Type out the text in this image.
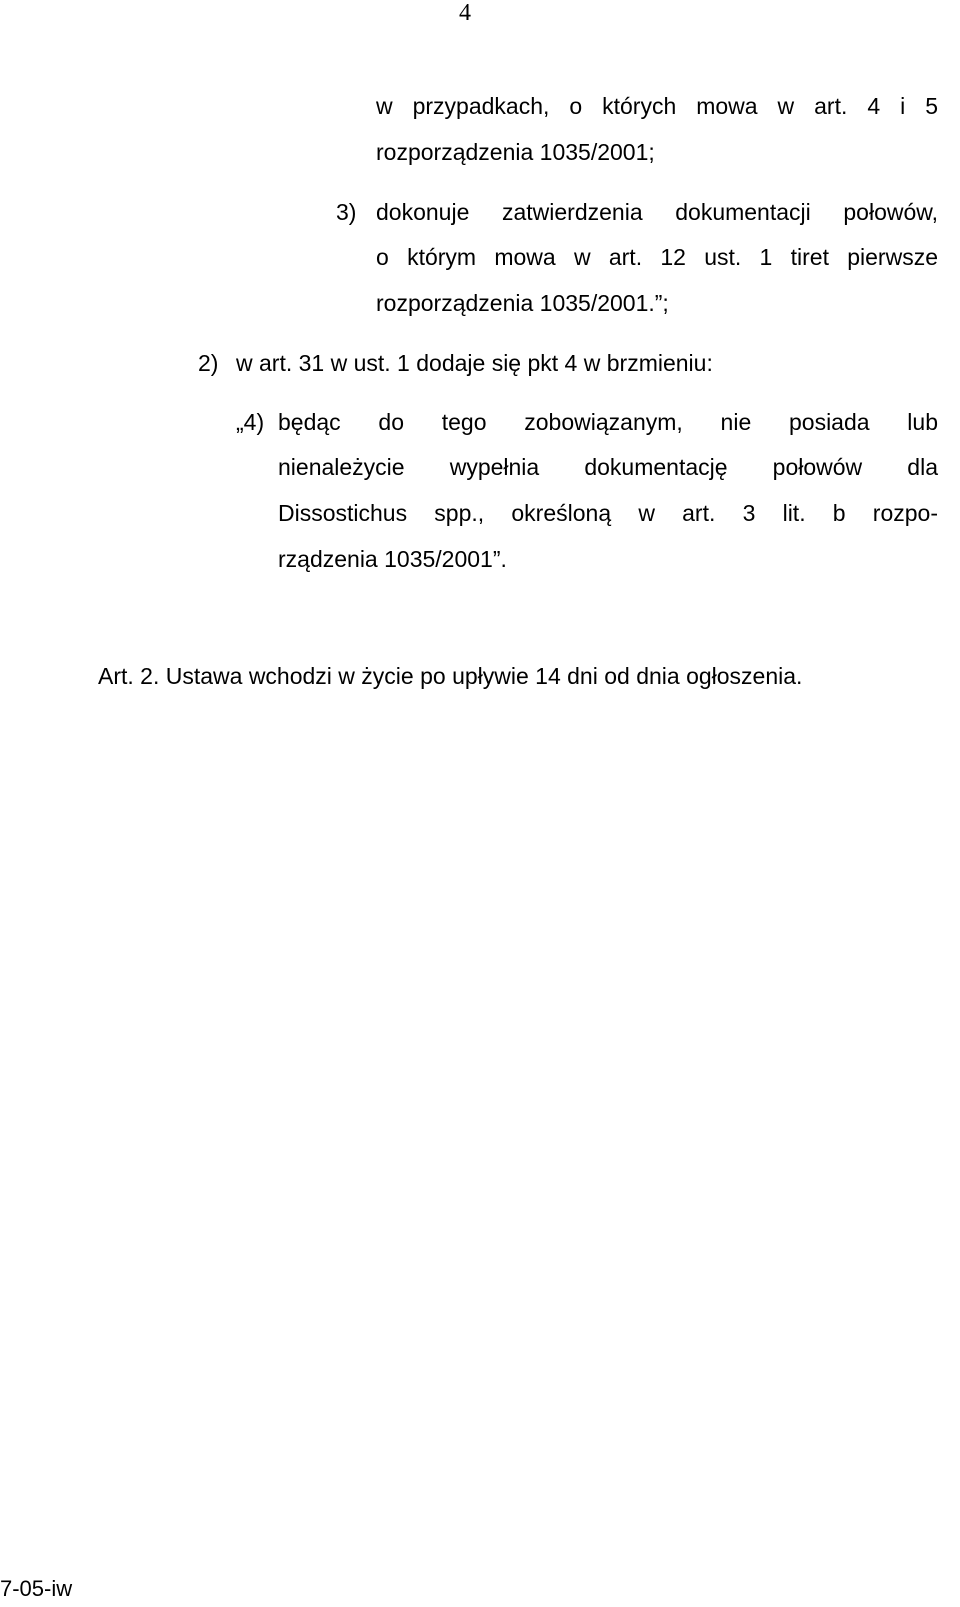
4
w przypadkach, o których mowa w art. 4 i 5
rozporządzenia 1035/2001;
3) dokonuje zatwierdzenia dokumentacji połowów,
o którym mowa w art. 12 ust. 1 tiret pierwsze
rozporządzenia 1035/2001.”;
2) w art. 31 w ust. 1 dodaje się pkt 4 w brzmieniu:
„4) będąc do tego zobowiązanym, nie posiada lub
nienależycie wypełnia dokumentację połowów dla
Dissostichus spp., określoną w art. 3 lit. b rozpo-
rządzenia 1035/2001”.
Art. 2. Ustawa wchodzi w życie po upływie 14 dni od dnia ogłoszenia.
7-05-iw
